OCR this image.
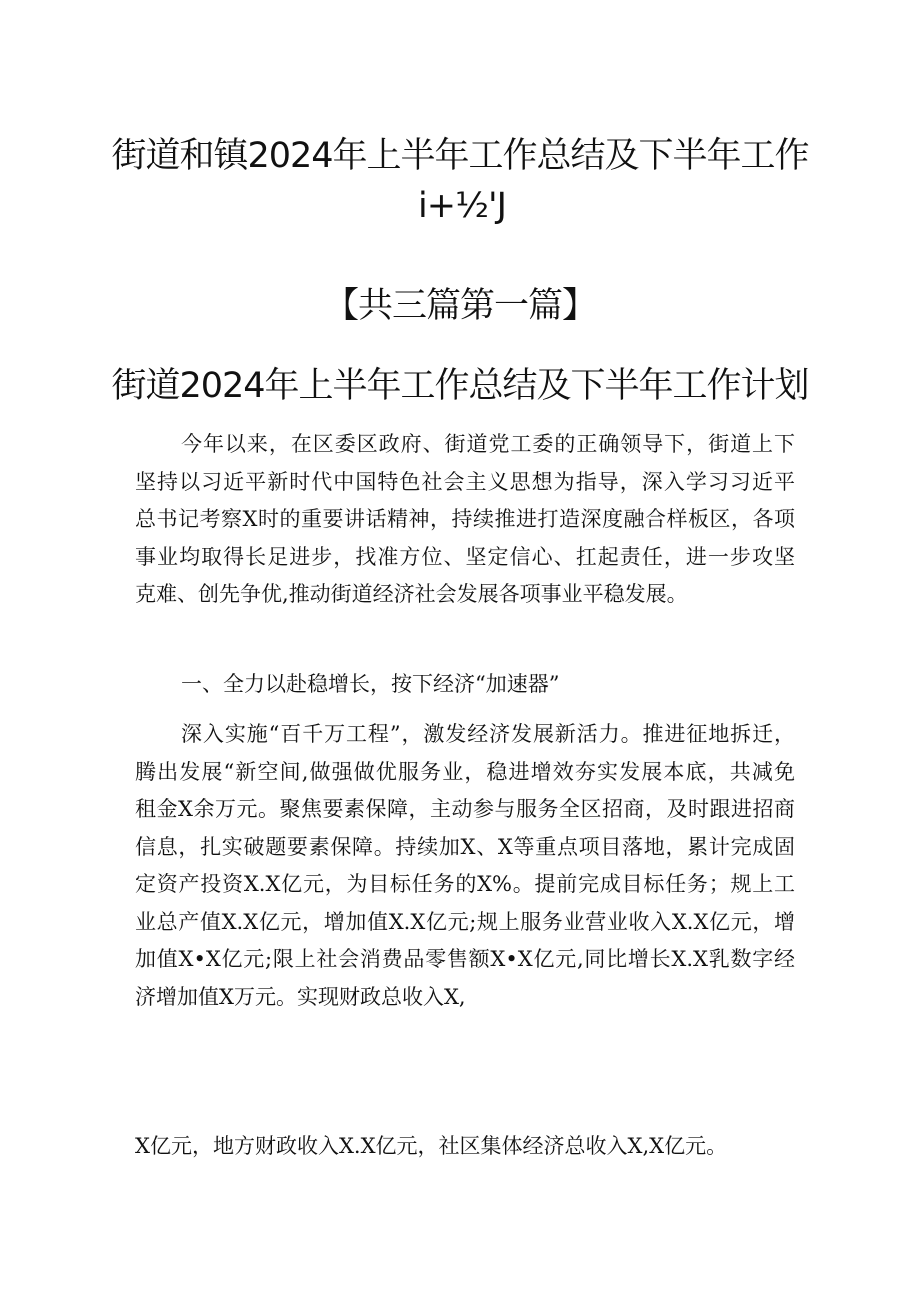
街道和镇2024年上半年工作总结及下半年工作
i+½'J
【共三篇第一篇】
街道2024年上半年工作总结及下半年工作计划
今年以来，在区委区政府、街道党工委的正确领导下，街道上下
坚持以习近平新时代中国特色社会主义思想为指导，深入学习习近平
总书记考察X时的重要讲话精神，持续推进打造深度融合样板区，各项
事业均取得长足进步，找准方位、坚定信心、扛起责任，进一步攻坚
克难、创先争优,推动街道经济社会发展各项事业平稳发展。
一、全力以赴稳增长，按下经济“加速器”
深入实施“百千万工程”，激发经济发展新活力。推进征地拆迁，
腾出发展“新空间,做强做优服务业，稳进增效夯实发展本底，共减免
租金X余万元。聚焦要素保障，主动参与服务全区招商，及时跟进招商
信息，扎实破题要素保障。持续加X、X等重点项目落地，累计完成固
定资产投资X.X亿元，为目标任务的X%。提前完成目标任务；规上工
业总产值X.X亿元，增加值X.X亿元;规上服务业营业收入X.X亿元，增
加值X•X亿元;限上社会消费品零售额X•X亿元,同比增长X.X乳数字经
济增加值X万元。实现财政总收入X,
X亿元，地方财政收入X.X亿元，社区集体经济总收入X,X亿元。
